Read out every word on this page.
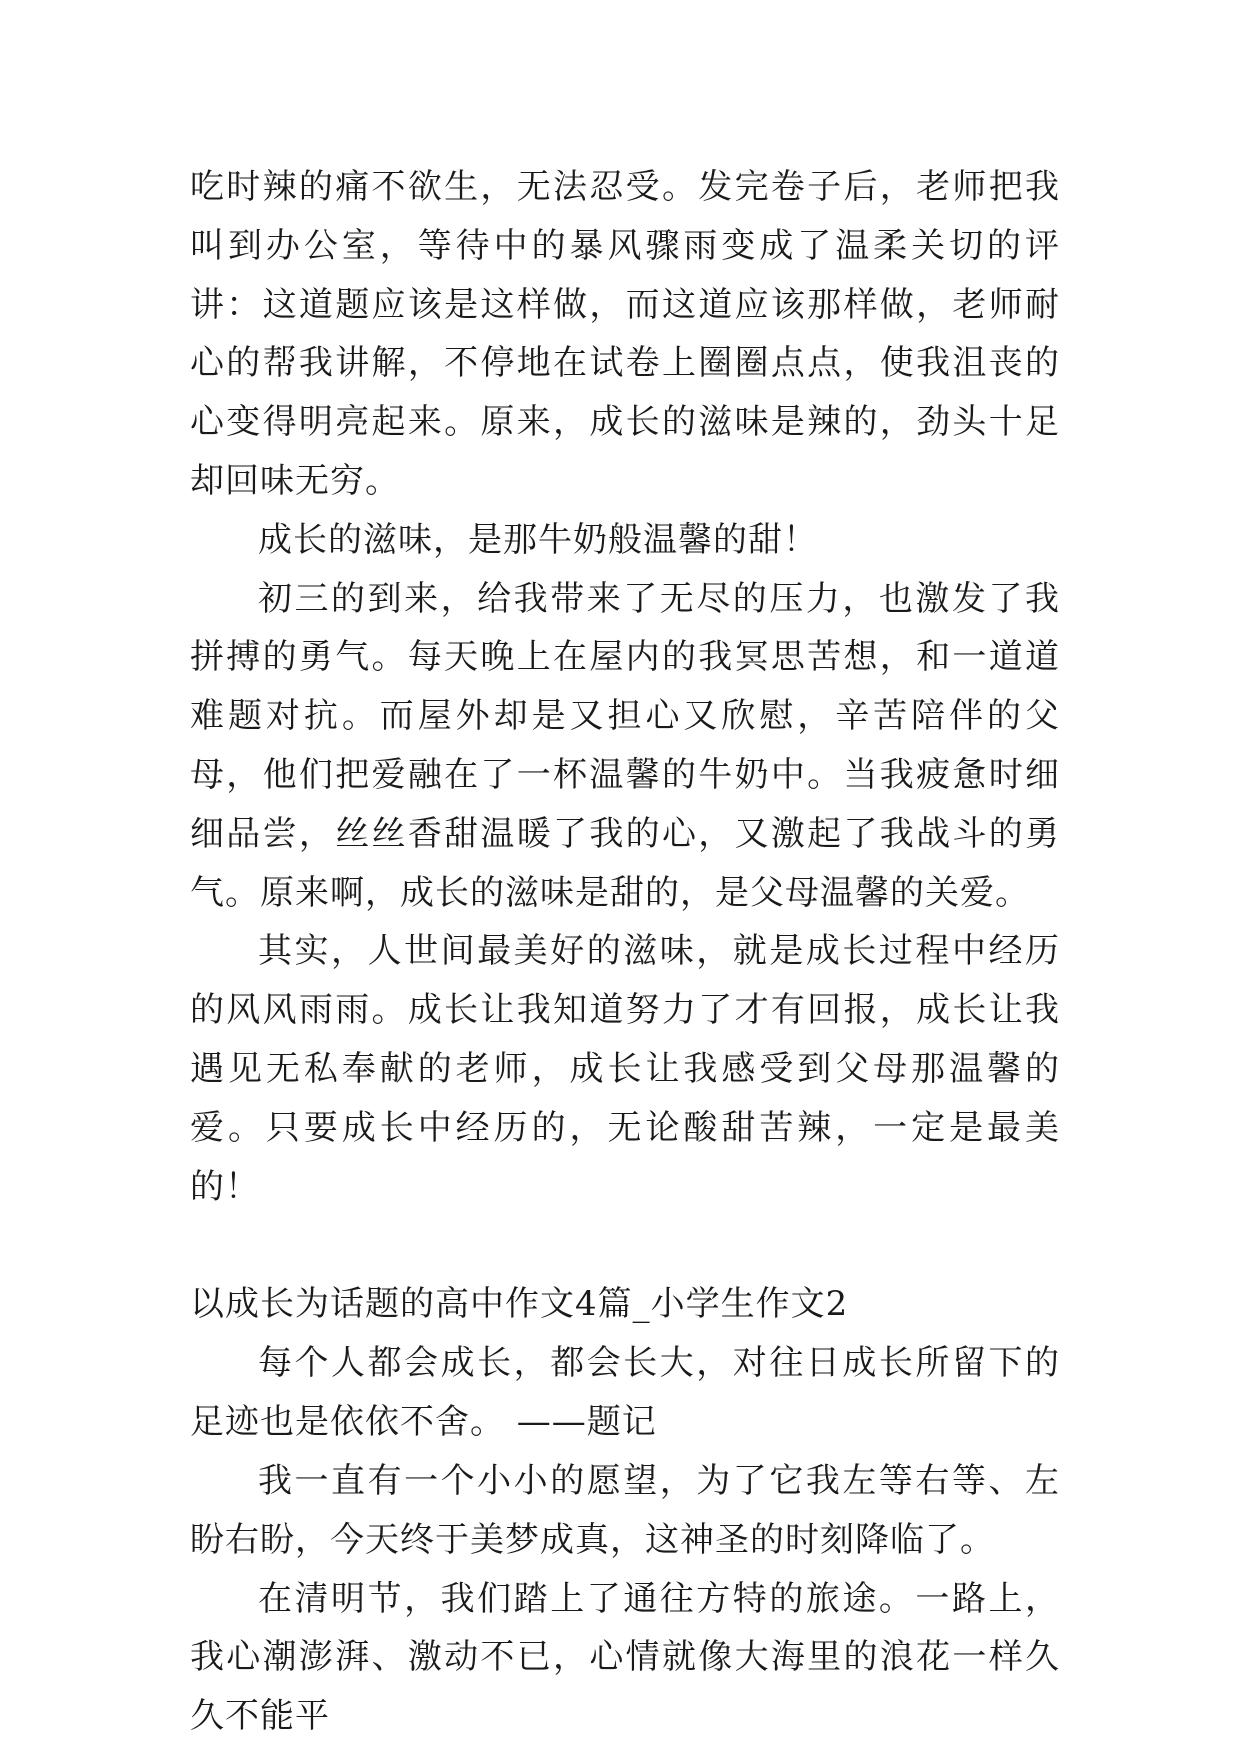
吃时辣的痛不欲生，无法忍受。发完卷子后，老师把我叫到办公室，等待中的暴风骤雨变成了温柔关切的评讲：这道题应该是这样做，而这道应该那样做，老师耐心的帮我讲解，不停地在试卷上圈圈点点，使我沮丧的心变得明亮起来。原来，成长的滋味是辣的，劲头十足却回味无穷。

成长的滋味，是那牛奶般温馨的甜！

初三的到来，给我带来了无尽的压力，也激发了我拼搏的勇气。每天晚上在屋内的我冥思苦想，和一道道难题对抗。而屋外却是又担心又欣慰，辛苦陪伴的父母，他们把爱融在了一杯温馨的牛奶中。当我疲惫时细细品尝，丝丝香甜温暖了我的心，又激起了我战斗的勇气。原来啊，成长的滋味是甜的，是父母温馨的关爱。

其实，人世间最美好的滋味，就是成长过程中经历的风风雨雨。成长让我知道努力了才有回报，成长让我遇见无私奉献的老师，成长让我感受到父母那温馨的爱。只要成长中经历的，无论酸甜苦辣，一定是最美的！

以成长为话题的高中作文4篇_小学生作文2

每个人都会成长，都会长大，对往日成长所留下的足迹也是依依不舍。 ——题记

我一直有一个小小的愿望，为了它我左等右等、左盼右盼，今天终于美梦成真，这神圣的时刻降临了。

在清明节，我们踏上了通往方特的旅途。一路上，我心潮澎湃、激动不已，心情就像大海里的浪花一样久久不能平
